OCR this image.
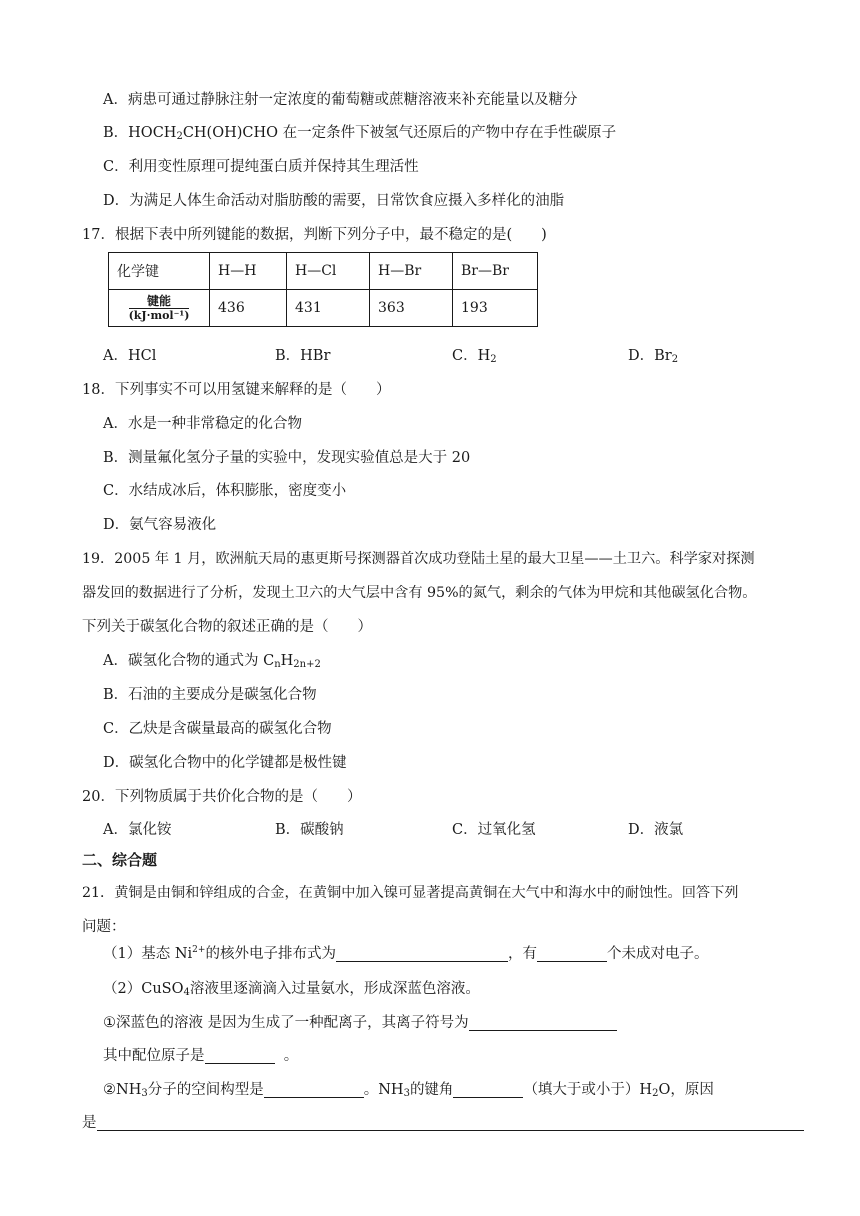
A．病患可通过静脉注射一定浓度的葡萄糖或蔗糖溶液来补充能量以及糖分
B．$HOCH_2CH(OH)CHO$ 在一定条件下被氢气还原后的产物中存在手性碳原子
C．利用变性原理可提纯蛋白质并保持其生理活性
D．为满足人体生命活动对脂肪酸的需要，日常饮食应摄入多样化的油脂
17．根据下表中所列键能的数据，判断下列分子中，最不稳定的是(　　)
化学键	H—H	H—Cl	H—Br	Br—Br

$\frac{\text{键能}}{\text{(kJ·mol⁻¹)}}$	436	431	363	193
A．HCl	B．HBr	C．$H_2$	D．$Br_2$
18．下列事实不可以用氢键来解释的是（　　）
A．水是一种非常稳定的化合物
B．测量氟化氢分子量的实验中，发现实验值总是大于 20
C．水结成冰后，体积膨胀，密度变小
D．氨气容易液化
19．2005 年 1 月，欧洲航天局的惠更斯号探测器首次成功登陆土星的最大卫星——土卫六。科学家对探测
器发回的数据进行了分析，发现土卫六的大气层中含有 95%的氮气，剩余的气体为甲烷和其他碳氢化合物。
下列关于碳氢化合物的叙述正确的是（　　）
A．碳氢化合物的通式为 $C_nH_{2n+2}$
B．石油的主要成分是碳氢化合物
C．乙炔是含碳量最高的碳氢化合物
D．碳氢化合物中的化学键都是极性键
20．下列物质属于共价化合物的是（　　）
A．氯化铵	B．碳酸钠	C．过氧化氢	D．液氯
二、综合题
21．黄铜是由铜和锌组成的合金，在黄铜中加入镍可显著提高黄铜在大气中和海水中的耐蚀性。回答下列
问题：
（1）基态 $Ni^{2+}$的核外电子排布式为	，有	个未成对电子。
（2）CuSO$_4$溶液里逐滴滴入过量氨水，形成深蓝色溶液。
①深蓝色的溶液 是因为生成了一种配离子，其离子符号为
其中配位原子是	。
$②NH_3$分子的空间构型是	。$NH_3$的键角	（填大于或小于）$H_2O$，原因
是
